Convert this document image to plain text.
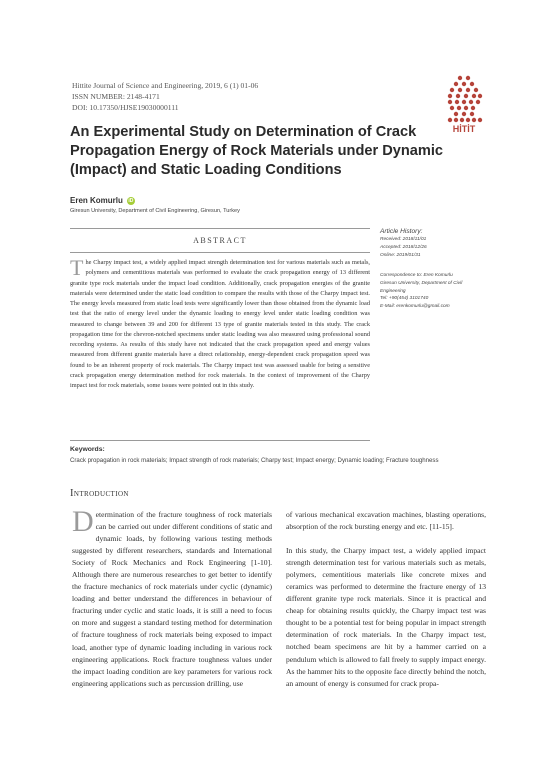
Hittite Journal of Science and Engineering, 2019, 6 (1) 01-06
ISSN NUMBER: 2148-4171
DOI: 10.17350/HJSE19030000111
HİTİT
An Experimental Study on Determination of Crack Propagation Energy of Rock Materials under Dynamic (Impact) and Static Loading Conditions
Eren Komurlu	iD
Giresun University, Department of Civil Engineering, Giresun, Turkey
ABSTRACT
The Charpy impact test, a widely applied impact strength determination test for various materials such as metals, polymers and cementitious materials was performed to evaluate the crack propagation energy of 13 different granite type rock materials under the impact load condition. Additionally, crack propagation energies of the granite materials were determined under the static load condition to compare the results with those of the Charpy impact test. The energy levels measured from static load tests were significantly lower than those obtained from the dynamic load test that the ratio of energy level under the dynamic loading to energy level under static loading condition was measured to change between 39 and 200 for different 13 type of granite materials tested in this study. The crack propagation time for the chevron-notched specimens under static loading was also measured using professional sound recording systems. As results of this study have not indicated that the crack propagation speed and energy values measured from different granite materials have a direct relationship, energy-dependent crack propagation speed was found to be an inherent property of rock materials. The Charpy impact test was assessed usable for being a sensitive crack propagation energy determination method for rock materials. In the context of improvement of the Charpy impact test for rock materials, some issues were pointed out in this study.
Article History:
Received: 2018/11/01
Accepted: 2018/12/26
Online: 2019/01/31
Correspondence to: Eren Komurlu
Giresun University, Department of Civil
Engineering
Tel: +90(454) 3101740
E-Mail: erenkomurlu@gmail.com
Keywords:
Crack propagation in rock materials; Impact strength of rock materials; Charpy test; Impact energy; Dynamic loading; Fracture toughness
Introduction
Determination of the fracture toughness of rock materials can be carried out under different conditions of static and dynamic loads, by following various testing methods suggested by different researchers, standards and International Society of Rock Mechanics and Rock Engineering [1-10]. Although there are numerous researches to get better to identify the fracture mechanics of rock materials under cyclic (dynamic) loading and better understand the differences in behaviour of fracturing under cyclic and static loads, it is still a need to focus on more and suggest a standard testing method for determination of fracture toughness of rock materials being exposed to impact load, another type of dynamic loading including in various rock engineering applications. Rock fracture toughness values under the impact loading condition are key parameters for various rock engineering applications such as percussion drilling, use

of various mechanical excavation machines, blasting operations, absorption of the rock bursting energy and etc. [11-15].

In this study, the Charpy impact test, a widely applied impact strength determination test for various materials such as metals, polymers, cementitious materials like concrete mixes and ceramics was performed to determine the fracture energy of 13 different granite type rock materials. Since it is practical and cheap for obtaining results quickly, the Charpy impact test was thought to be a potential test for being popular in impact strength determination of rock materials. In the Charpy impact test, notched beam specimens are hit by a hammer carried on a pendulum which is allowed to fall freely to supply impact energy. As the hammer hits to the opposite face directly behind the notch, an amount of energy is consumed for crack propa-
